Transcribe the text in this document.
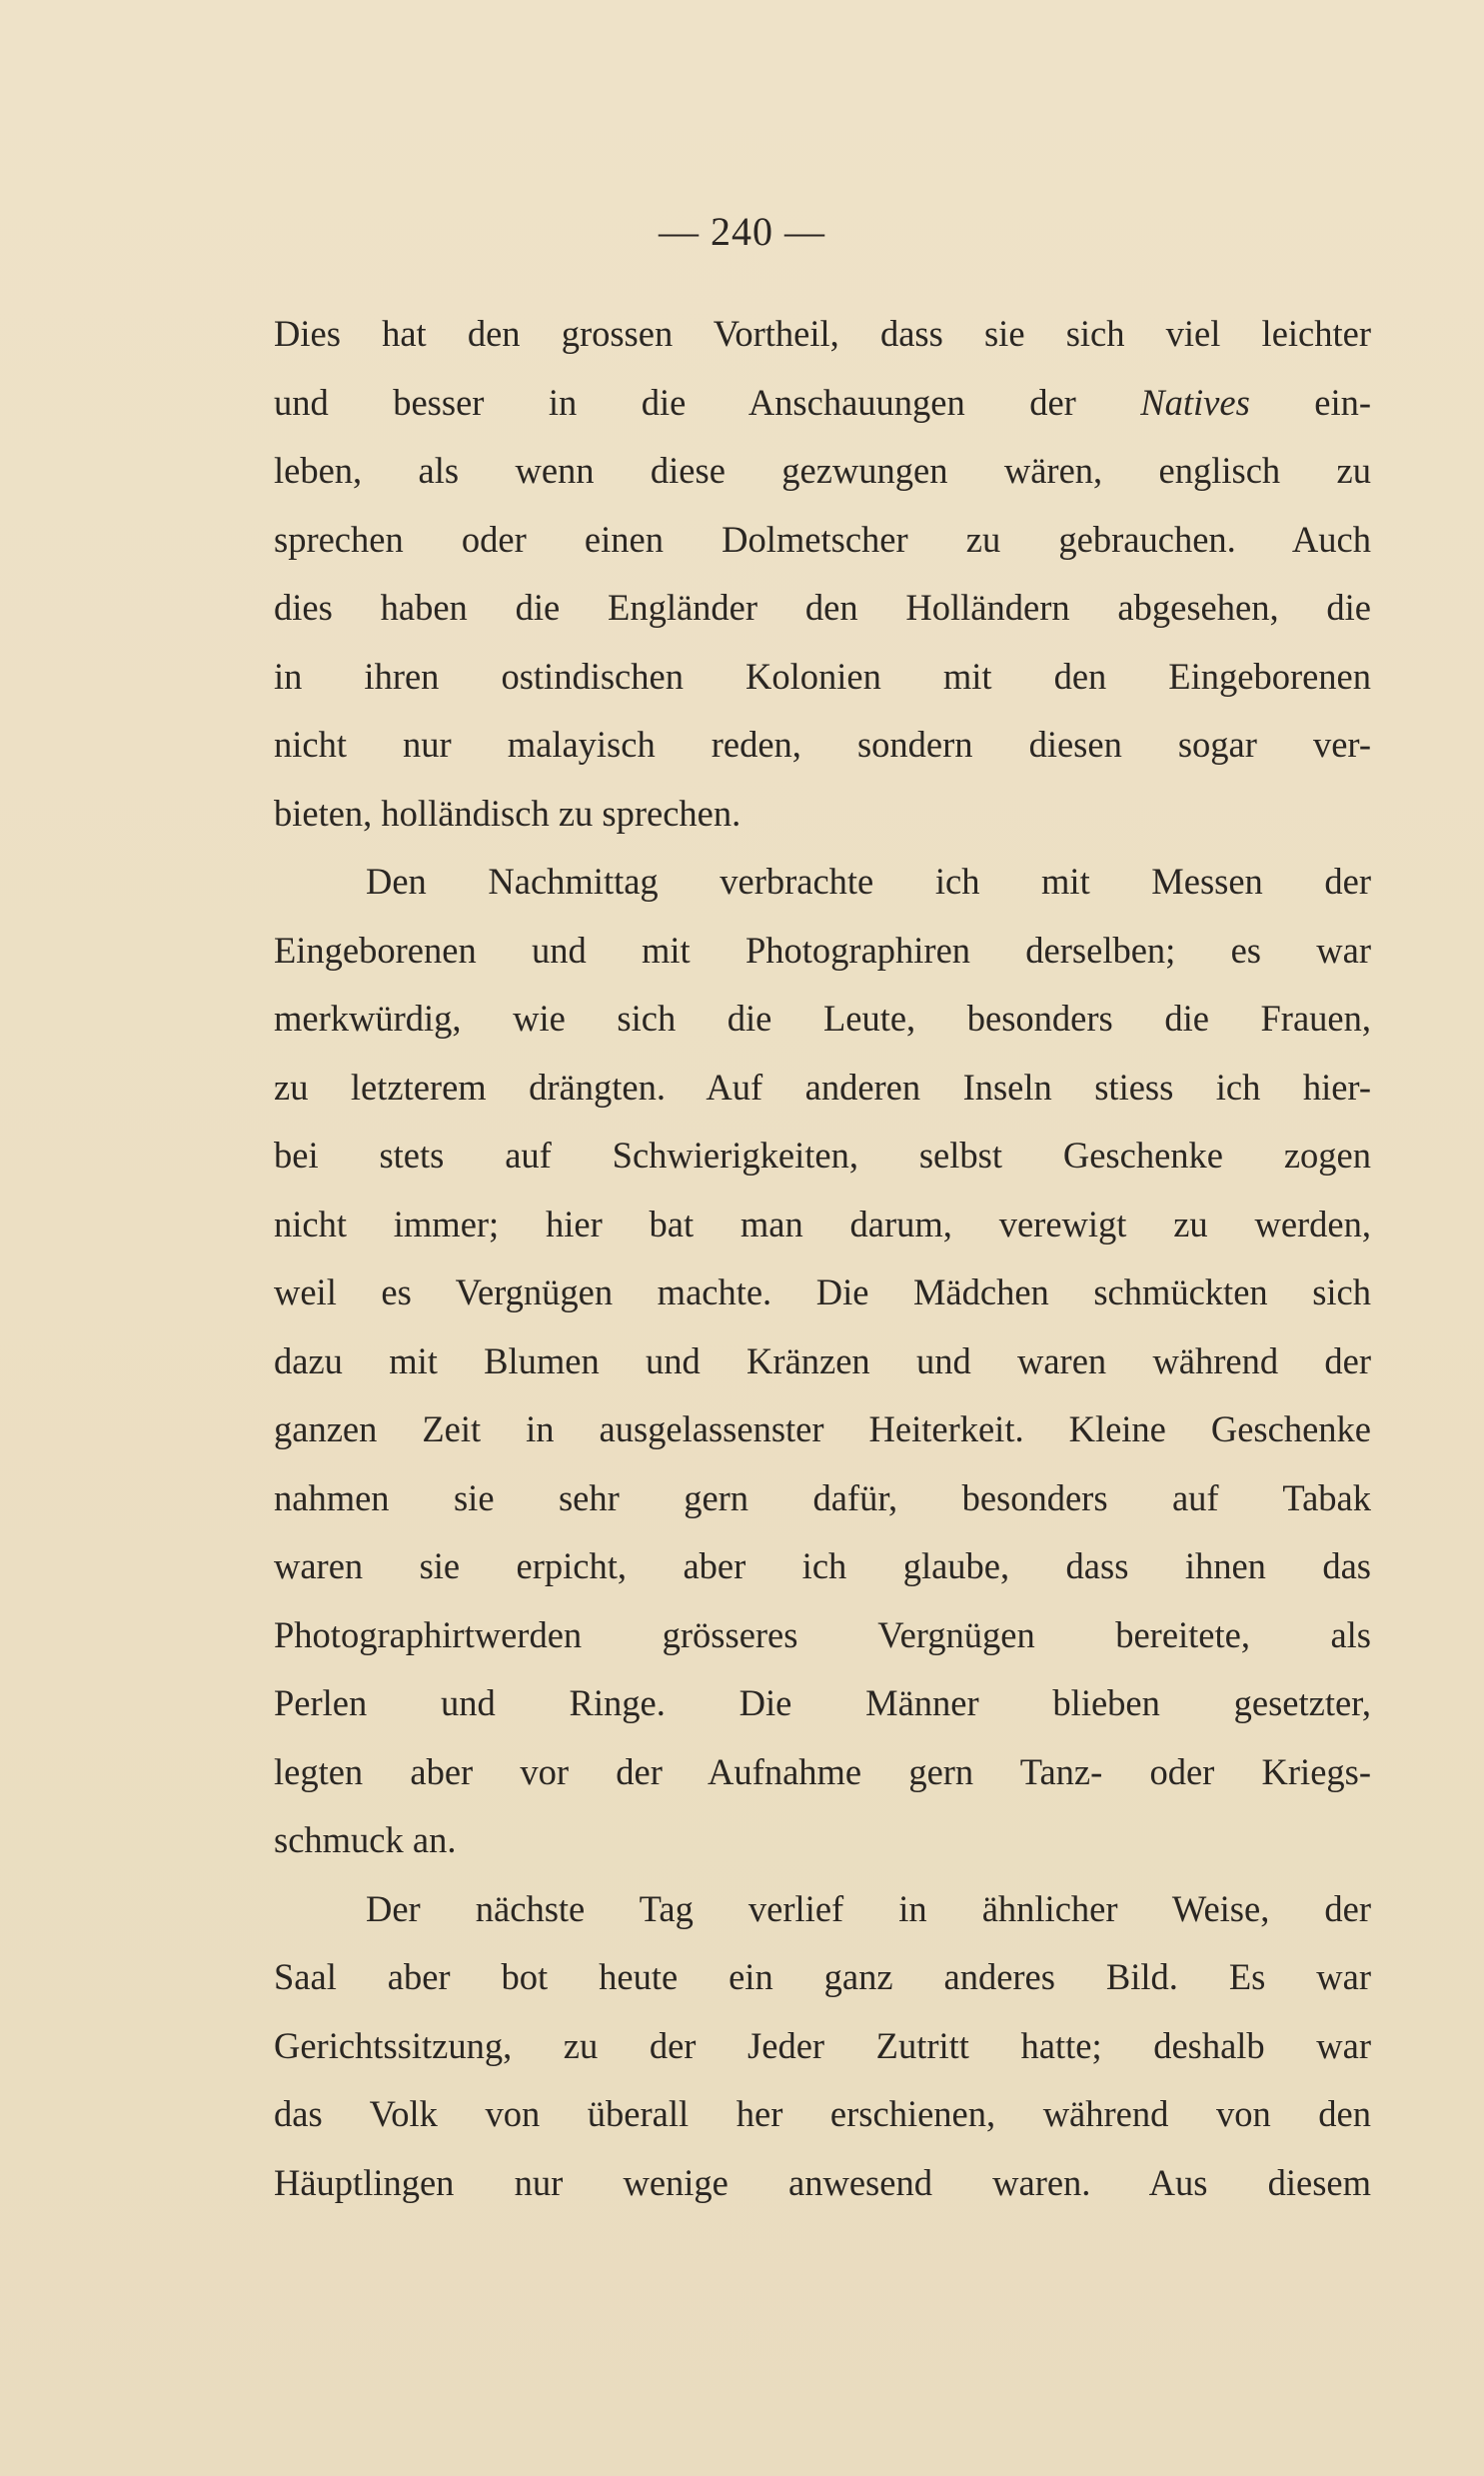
— 240 —
Dies hat den grossen Vortheil, dass sie sich viel leichter
und besser in die Anschauungen der Natives ein-
leben, als wenn diese gezwungen wären, englisch zu
sprechen oder einen Dolmetscher zu gebrauchen. Auch
dies haben die Engländer den Holländern abgesehen, die
in ihren ostindischen Kolonien mit den Eingeborenen
nicht nur malayisch reden, sondern diesen sogar ver-
bieten, holländisch zu sprechen.
Den Nachmittag verbrachte ich mit Messen der
Eingeborenen und mit Photographiren derselben; es war
merkwürdig, wie sich die Leute, besonders die Frauen,
zu letzterem drängten. Auf anderen Inseln stiess ich hier-
bei stets auf Schwierigkeiten, selbst Geschenke zogen
nicht immer; hier bat man darum, verewigt zu werden,
weil es Vergnügen machte. Die Mädchen schmückten sich
dazu mit Blumen und Kränzen und waren während der
ganzen Zeit in ausgelassenster Heiterkeit. Kleine Geschenke
nahmen sie sehr gern dafür, besonders auf Tabak
waren sie erpicht, aber ich glaube, dass ihnen das
Photographirtwerden grösseres Vergnügen bereitete, als
Perlen und Ringe. Die Männer blieben gesetzter,
legten aber vor der Aufnahme gern Tanz- oder Kriegs-
schmuck an.
Der nächste Tag verlief in ähnlicher Weise, der
Saal aber bot heute ein ganz anderes Bild. Es war
Gerichtssitzung, zu der Jeder Zutritt hatte; deshalb war
das Volk von überall her erschienen, während von den
Häuptlingen nur wenige anwesend waren. Aus diesem
